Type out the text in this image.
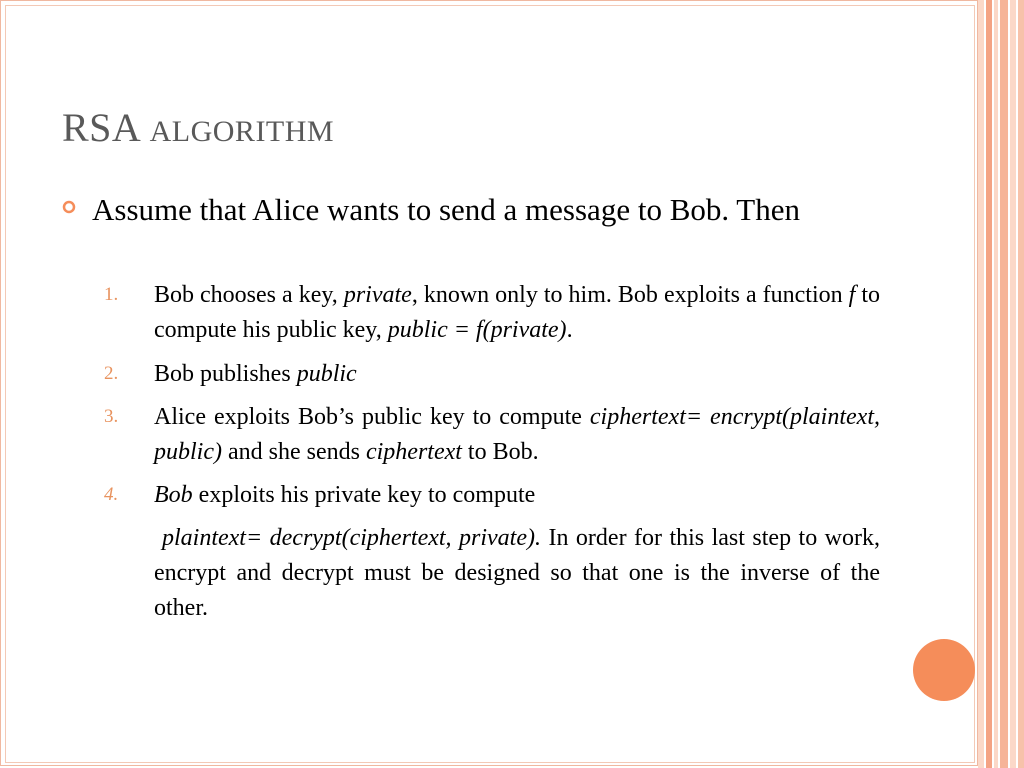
RSA ALGORITHM
Assume that Alice wants to send a message to Bob. Then
1. Bob chooses a key, private, known only to him. Bob exploits a function f to compute his public key, public = f(private).
2. Bob publishes public
3. Alice exploits Bob’s public key to compute ciphertext= encrypt(plaintext, public) and she sends ciphertext to Bob.
4. Bob exploits his private key to compute
plaintext= decrypt(ciphertext, private). In order for this last step to work, encrypt and decrypt must be designed so that one is the inverse of the other.
